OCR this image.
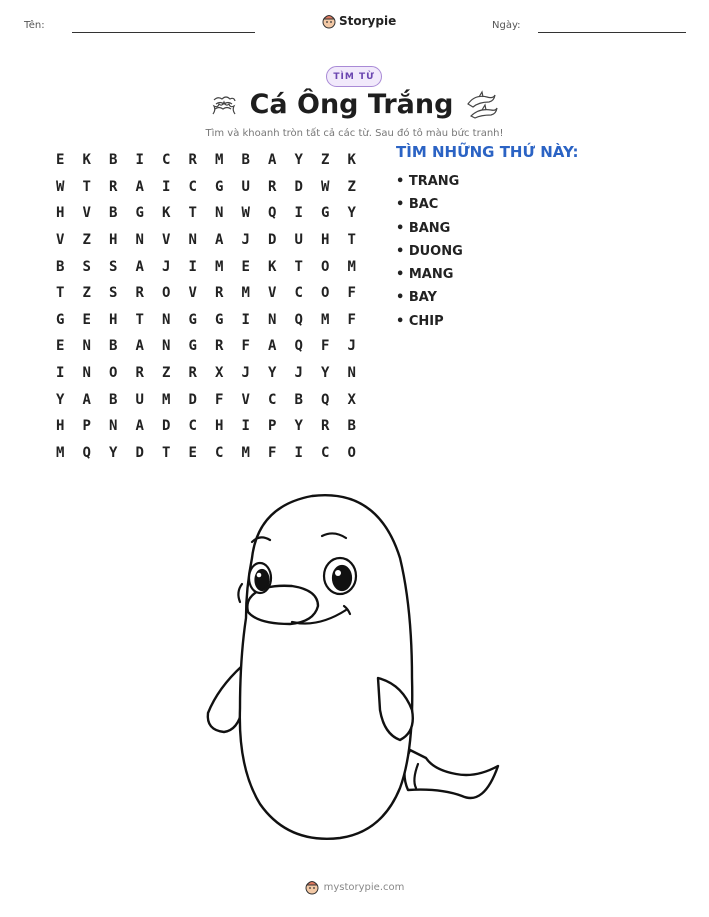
Tên:	Storypie	Ngày:
TÌM TỪ
Cá Ông Trắng
Tìm và khoanh tròn tất cả các từ. Sau đó tô màu bức tranh!
E	K	B	I	C	R	M	B	A	Y	Z	K
W	T	R	A	I	C	G	U	R	D	W	Z
H	V	B	G	K	T	N	W	Q	I	G	Y
V	Z	H	N	V	N	A	J	D	U	H	T
B	S	S	A	J	I	M	E	K	T	O	M
T	Z	S	R	O	V	R	M	V	C	O	F
G	E	H	T	N	G	G	I	N	Q	M	F
E	N	B	A	N	G	R	F	A	Q	F	J
I	N	O	R	Z	R	X	J	Y	J	Y	N
Y	A	B	U	M	D	F	V	C	B	Q	X
H	P	N	A	D	C	H	I	P	Y	R	B
M	Q	Y	D	T	E	C	M	F	I	C	O
TÌM NHỮNG THỨ NÀY:
• TRANG
• BAC
• BANG
• DUONG
• MANG
• BAY
• CHIP
mystorypie.com
